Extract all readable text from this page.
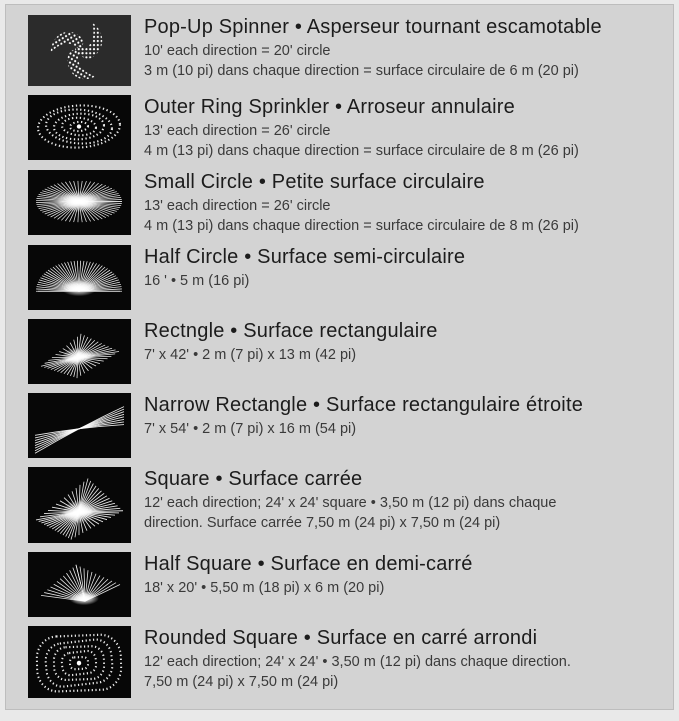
Pop-Up Spinner • Asperseur tournant escamotable
10' each direction = 20' circle
3 m (10 pi) dans chaque direction = surface circulaire de 6 m (20 pi)
Outer Ring Sprinkler • Arroseur annulaire
13' each direction = 26' circle
4 m (13 pi) dans chaque direction = surface circulaire de 8 m (26 pi)
Small Circle • Petite surface circulaire
13' each direction = 26' circle
4 m (13 pi) dans chaque direction = surface circulaire de 8 m (26 pi)
Half Circle • Surface semi-circulaire
16 ' • 5 m (16 pi)
Rectngle • Surface rectangulaire
7' x 42' • 2 m (7 pi) x 13 m (42 pi)
Narrow Rectangle • Surface rectangulaire étroite
7' x 54' • 2 m (7 pi) x 16 m (54 pi)
Square • Surface carrée
12' each direction; 24' x 24' square • 3,50 m (12 pi) dans chaque
direction. Surface carrée 7,50 m (24 pi) x 7,50 m (24 pi)
Half Square • Surface en demi-carré
18' x 20' • 5,50 m (18 pi) x 6 m (20 pi)
Rounded Square • Surface en carré arrondi
12' each direction; 24' x 24' • 3,50 m (12 pi) dans chaque direction.
7,50 m (24 pi) x 7,50 m (24 pi)
